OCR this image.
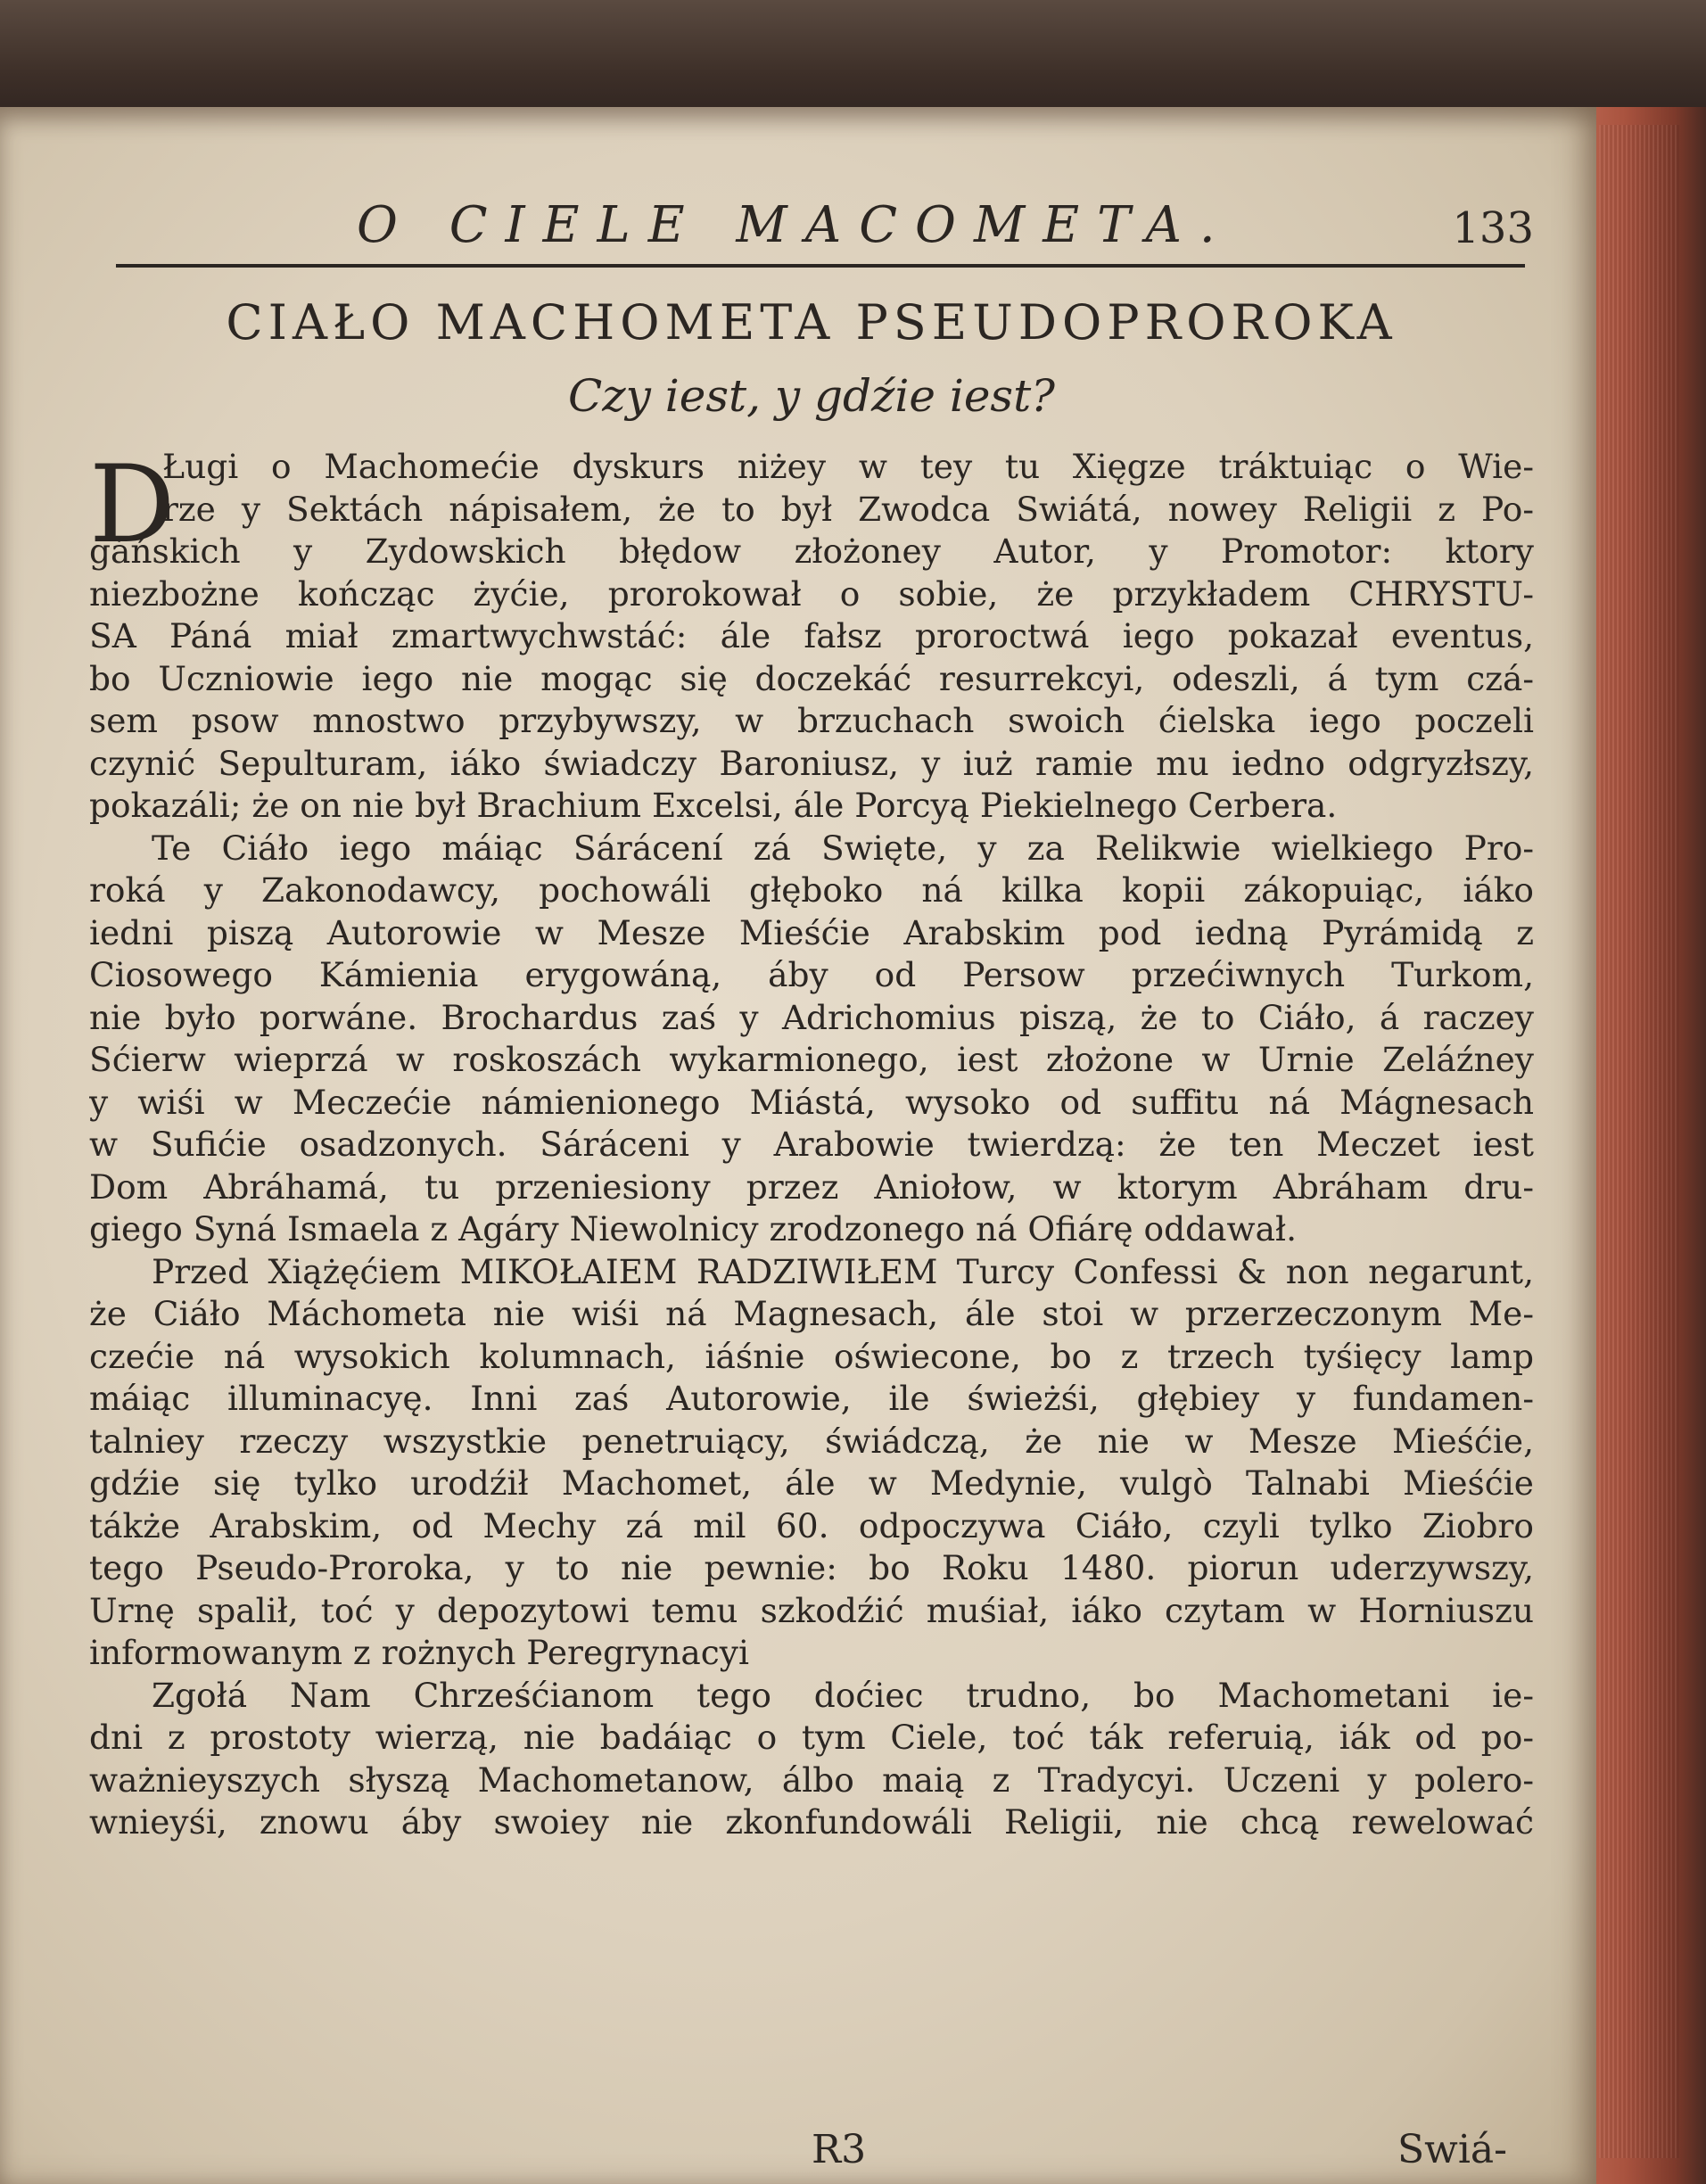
O CIELE MACOMETA.	133
CIAŁO MACHOMETA PSEUDOPROROKA
Czy iest, y gdźie iest?
D
Ługi o Machomećie dyskurs niżey w tey tu Xięgze tráktuiąc o Wie-
rze y Sektách nápisałem, że to był Zwodca Swiátá, nowey Religii z Po-
gáńskich y Zydowskich błędow złożoney Autor, y Promotor: ktory
niezbożne kończąc żyćie, prorokował o sobie, że przykładem CHRYSTU-
SA Páná miał zmartwychwstáć: ále fałsz proroctwá iego pokazał eventus,
bo Uczniowie iego nie mogąc się doczekáć resurrekcyi, odeszli, á tym czá-
sem psow mnostwo przybywszy, w brzuchach swoich ćielska iego poczeli
czynić Sepulturam, iáko świadczy Baroniusz, y iuż ramie mu iedno odgryzłszy,
pokazáli; że on nie był Brachium Excelsi, ále Porcyą Piekielnego Cerbera.
Te Ciáło iego máiąc Sárácení zá Swięte, y za Relikwie wielkiego Pro-
roká y Zakonodawcy, pochowáli głęboko ná kilka kopii zákopuiąc, iáko
iedni piszą Autorowie w Mesze Mieśćie Arabskim pod iedną Pyrámidą z
Ciosowego Kámienia erygowáną, áby od Persow przećiwnych Turkom,
nie było porwáne. Brochardus zaś y Adrichomius piszą, że to Ciáło, á raczey
Sćierw wieprzá w roskoszách wykarmionego, iest złożone w Urnie Zeláźney
y wiśi w Meczećie námienionego Miástá, wysoko od suffitu ná Mágnesach
w Sufićie osadzonych. Sáráceni y Arabowie twierdzą: że ten Meczet iest
Dom Abráhamá, tu przeniesiony przez Aniołow, w ktorym Abráham dru-
giego Syná Ismaela z Agáry Niewolnicy zrodzonego ná Ofiárę oddawał.
Przed Xiążęćiem MIKOŁAIEM RADZIWIŁEM Turcy Confessi & non negarunt,
że Ciáło Máchometa nie wiśi ná Magnesach, ále stoi w przerzeczonym Me-
czećie ná wysokich kolumnach, iáśnie oświecone, bo z trzech tyśięcy lamp
máiąc illuminacyę. Inni zaś Autorowie, ile świeżśi, głębiey y fundamen-
talniey rzeczy wszystkie penetruiący, świádczą, że nie w Mesze Mieśćie,
gdźie się tylko urodźił Machomet, ále w Medynie, vulgò Talnabi Mieśćie
tákże Arabskim, od Mechy zá mil 60. odpoczywa Ciáło, czyli tylko Ziobro
tego Pseudo-Proroka, y to nie pewnie: bo Roku 1480. piorun uderzywszy,
Urnę spalił, toć y depozytowi temu szkodźić muśiał, iáko czytam w Horniuszu
informowanym z rożnych Peregrynacyi
Zgołá Nam Chrześćianom tego doćiec trudno, bo Machometani ie-
dni z prostoty wierzą, nie badáiąc o tym Ciele, toć ták referuią, iák od po-
ważnieyszych słyszą Machometanow, álbo maią z Tradycyi. Uczeni y polero-
wnieyśi, znowu áby swoiey nie zkonfundowáli Religii, nie chcą rewelować
R3	Swiá-
